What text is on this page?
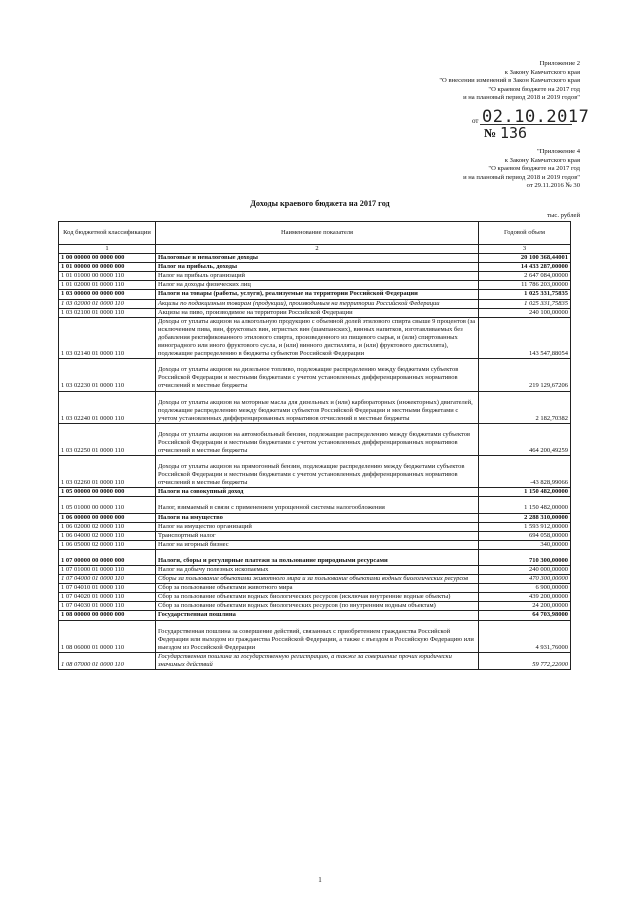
Приложение 2
к Закону Камчатского края
"О внесении изменений в Закон Камчатского края
"О краевом бюджете на 2017 год
и на плановый период 2018 и 2019 годов"
от 02.10.2017
№ 136
"Приложение 4
к Закону Камчатского края
"О краевом бюджете на 2017 год
и на плановый период 2018 и 2019 годов"
от 29.11.2016 № 30
Доходы краевого бюджета на 2017 год
тыс. рублей
Код бюджетной классификации	Наименование показателя	Годовой объем
1	2	3
1 00 00000 00 0000 000	Налоговые и неналоговые доходы	20 100 368,44001
1 01 00000 00 0000 000	Налог на прибыль, доходы	14 433 287,00000
1 01 01000 00 0000 110	Налог на прибыль организаций	2 647 084,00000
1 01 02000 01 0000 110	Налог на доходы физических лиц	11 786 203,00000
1 03 00000 00 0000 000	Налоги на товары (работы, услуги), реализуемые на территории Российской Федерации	1 025 331,75835
1 03 02000 01 0000 110	Акцизы по подакцизным товарам (продукции), производимым на территории Российской Федерации	1 025 331,75835
1 03 02100 01 0000 110	Акцизы на пиво, производимое на территории Российской Федерации	240 100,00000
1 03 02140 01 0000 110	Доходы от уплаты акцизов на алкогольную продукцию с объемной долей этилового спирта свыше 9 процентов (за исключением пива, вин, фруктовых вин, игристых вин (шампанских), винных напитков, изготавливаемых без добавления ректификованного этилового спирта, произведенного из пищевого сырья, и (или) спиртованных виноградного или иного фруктового сусла, и (или) винного дистиллята, и (или) фруктового дистиллята), подлежащие распределению в бюджеты субъектов Российской Федерации	143 547,88054
1 03 02230 01 0000 110	Доходы от уплаты акцизов на дизельное топливо, подлежащие распределению между бюджетами субъектов Российской Федерации и местными бюджетами с учетом установленных дифференцированных нормативов отчислений в местные бюджеты	219 129,67206
1 03 02240 01 0000 110	Доходы от уплаты акцизов на моторные масла для дизельных и (или) карбюраторных (инжекторных) двигателей, подлежащие распределению между бюджетами субъектов Российской Федерации и местными бюджетами с учетом установленных дифференцированных нормативов отчислений в местные бюджеты	2 182,70382
1 03 02250 01 0000 110	Доходы от уплаты акцизов на автомобильный бензин, подлежащие распределению между бюджетами субъектов Российской Федерации и местными бюджетами с учетом установленных дифференцированных нормативов отчислений в местные бюджеты	464 200,49259
1 03 02260 01 0000 110	Доходы от уплаты акцизов на прямогонный бензин, подлежащие распределению между бюджетами субъектов Российской Федерации и местными бюджетами с учетом установленных дифференцированных нормативов отчислений в местные бюджеты	-43 828,99066
1 05 00000 00 0000 000	Налоги на совокупный доход	1 150 482,00000
1 05 01000 00 0000 110	Налог, взимаемый в связи с применением упрощенной системы налогообложения	1 150 482,00000
1 06 00000 00 0000 000	Налоги на имущество	2 288 310,00000
1 06 02000 02 0000 110	Налог на имущество организаций	1 593 912,00000
1 06 04000 02 0000 110	Транспортный налог	694 058,00000
1 06 05000 02 0000 110	Налог на игорный бизнес	340,00000
1 07 00000 00 0000 000	Налоги, сборы и регулярные платежи за пользование природными ресурсами	710 300,00000
1 07 01000 01 0000 110	Налог на добычу полезных ископаемых	240 000,00000
1 07 04000 01 0000 110	Сборы за пользование объектами животного мира и за пользование объектами водных биологических ресурсов	470 300,00000
1 07 04010 01 0000 110	Сбор за пользование объектами животного мира	6 900,00000
1 07 04020 01 0000 110	Сбор за пользование объектами водных биологических ресурсов (исключая внутренние водные объекты)	439 200,00000
1 07 04030 01 0000 110	Сбор за пользование объектами водных биологических ресурсов (по внутренним водным объектам)	24 200,00000
1 08 00000 00 0000 000	Государственная пошлина	64 703,98000
1 08 06000 01 0000 110	Государственная пошлина за совершение действий, связанных с приобретением гражданства Российской Федерации или выходом из гражданства Российской Федерации, а также с въездом в Российскую Федерацию или выездом из Российской Федерации	4 931,76000
1 08 07000 01 0000 110	Государственная пошлина за государственную регистрацию, а также за совершение прочих юридически значимых действий	59 772,22000
1
